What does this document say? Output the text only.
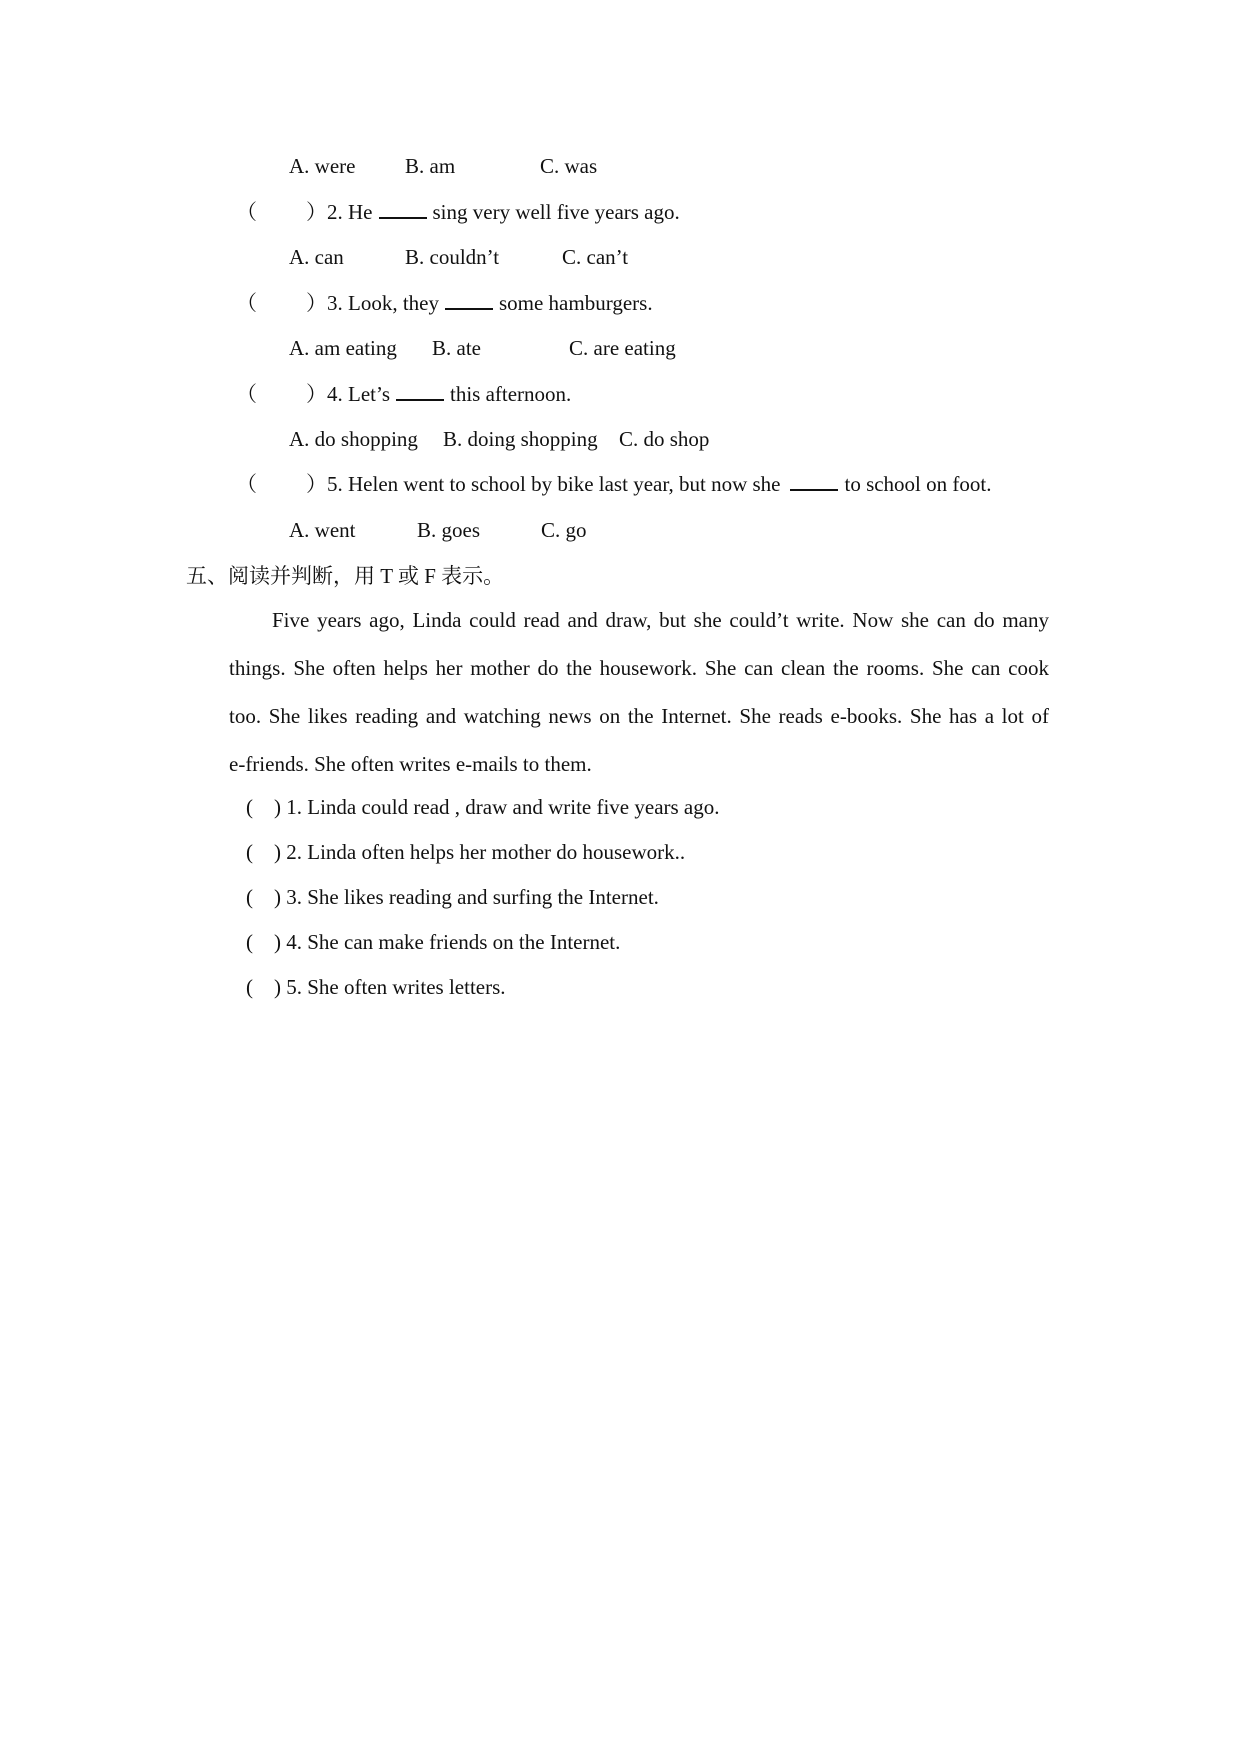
A. were B. am	C. was
（ ） 2. He	sing very well five years ago.
A. can	B. couldn’t	C. can’t
（ ） 3. Look, they	some hamburgers.
A. am eating B. ate	C. are eating
（ ） 4. Let’s	this afternoon.
A. do shopping B. doing shopping C. do shop
（ ） 5. Helen went to school by bike last year, but now she	to school on foot.
A. went	B. goes	C. go
五、阅读并判断，用 T 或 F 表示。
Five years ago, Linda could read and draw, but she could’t write. Now she can do many
things. She often helps her mother do the housework. She can clean the rooms. She can cook
too. She likes reading and watching news on the Internet. She reads e-books. She has a lot of
e-friends. She often writes e-mails to them.
(    ) 1. Linda could read , draw and write five years ago.
(    ) 2. Linda often helps her mother do housework..
(    ) 3. She likes reading and surfing the Internet.
(    ) 4. She can make friends on the Internet.
(    ) 5. She often writes letters.
